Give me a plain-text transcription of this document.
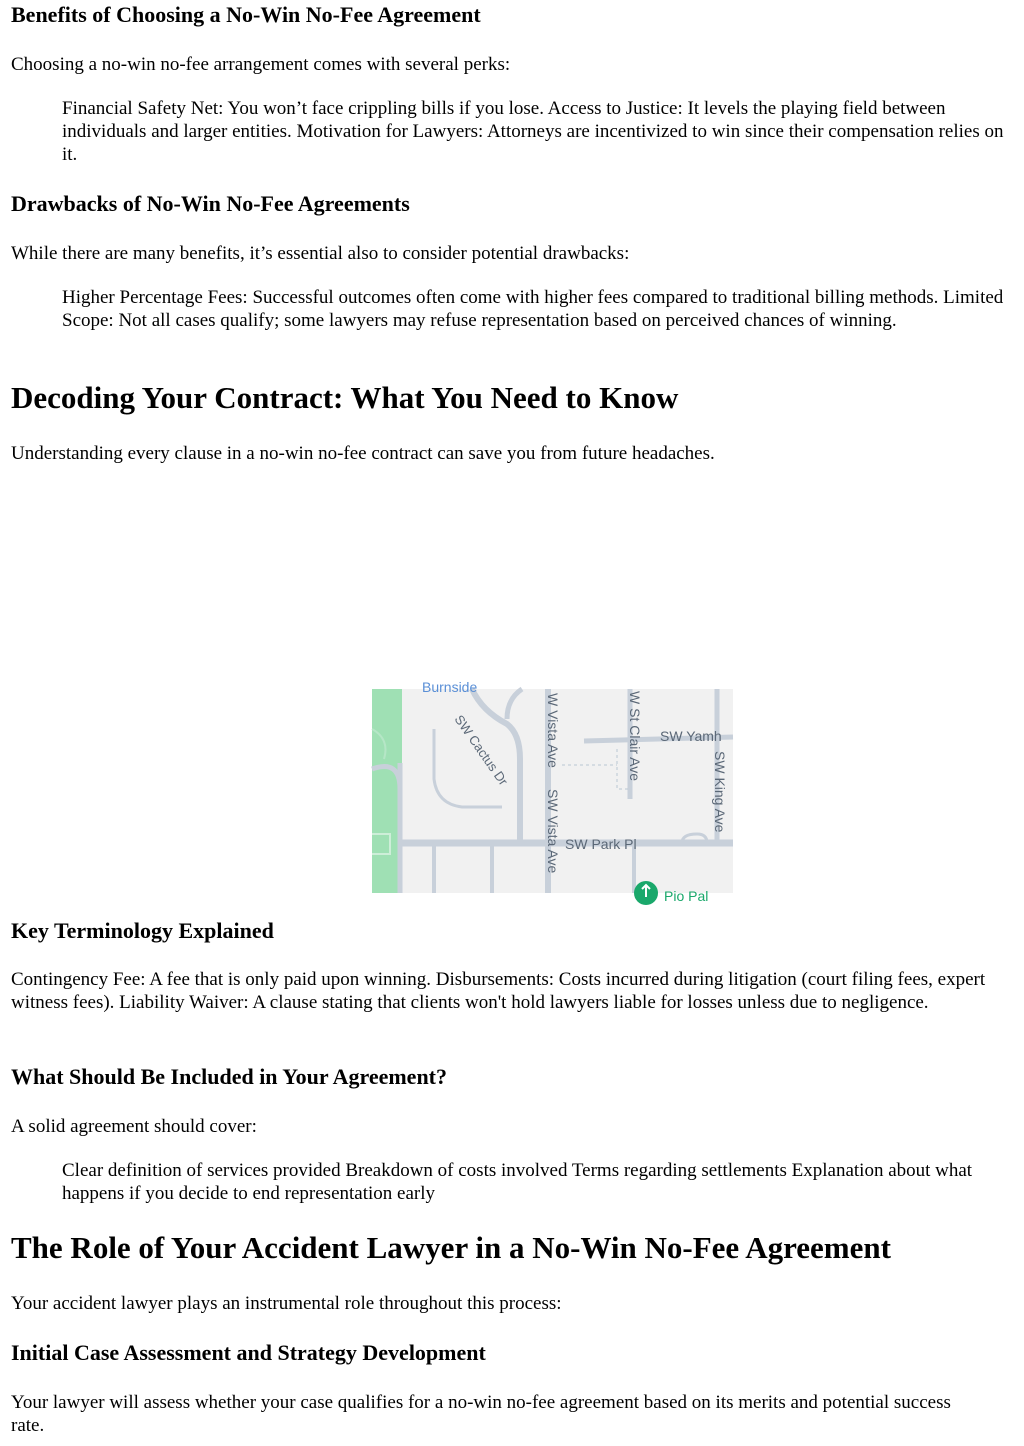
Benefits of Choosing a No-Win No-Fee Agreement

Choosing a no-win no-fee arrangement comes with several perks:

Financial Safety Net: You won’t face crippling bills if you lose. Access to Justice: It levels the playing field between individuals and larger entities. Motivation for Lawyers: Attorneys are incentivized to win since their compensation relies on it.
Drawbacks of No-Win No-Fee Agreements

While there are many benefits, it’s essential also to consider potential drawbacks:

Higher Percentage Fees: Successful outcomes often come with higher fees compared to traditional billing methods. Limited Scope: Not all cases qualify; some lawyers may refuse representation based on perceived chances of winning.
Decoding Your Contract: What You Need to Know

Understanding every clause in a no-win no-fee contract can save you from future headaches.

Key Terminology Explained

Contingency Fee: A fee that is only paid upon winning. Disbursements: Costs incurred during litigation (court filing fees, expert witness fees). Liability Waiver: A clause stating that clients won't hold lawyers liable for losses unless due to negligence.

What Should Be Included in Your Agreement?

A solid agreement should cover:

Clear definition of services provided Breakdown of costs involved Terms regarding settlements Explanation about what happens if you decide to end representation early
The Role of Your Accident Lawyer in a No-Win No-Fee Agreement

Your accident lawyer plays an instrumental role throughout this process:

Initial Case Assessment and Strategy Development

Your lawyer will assess whether your case qualifies for a no-win no-fee agreement based on its merits and potential success rate.

Burnside
SW Cactus Dr W Vista Ave
SW Vista Ave
W St Clair Ave SW Yamh
SW King Ave
SW Park Pl
Pio Pal
